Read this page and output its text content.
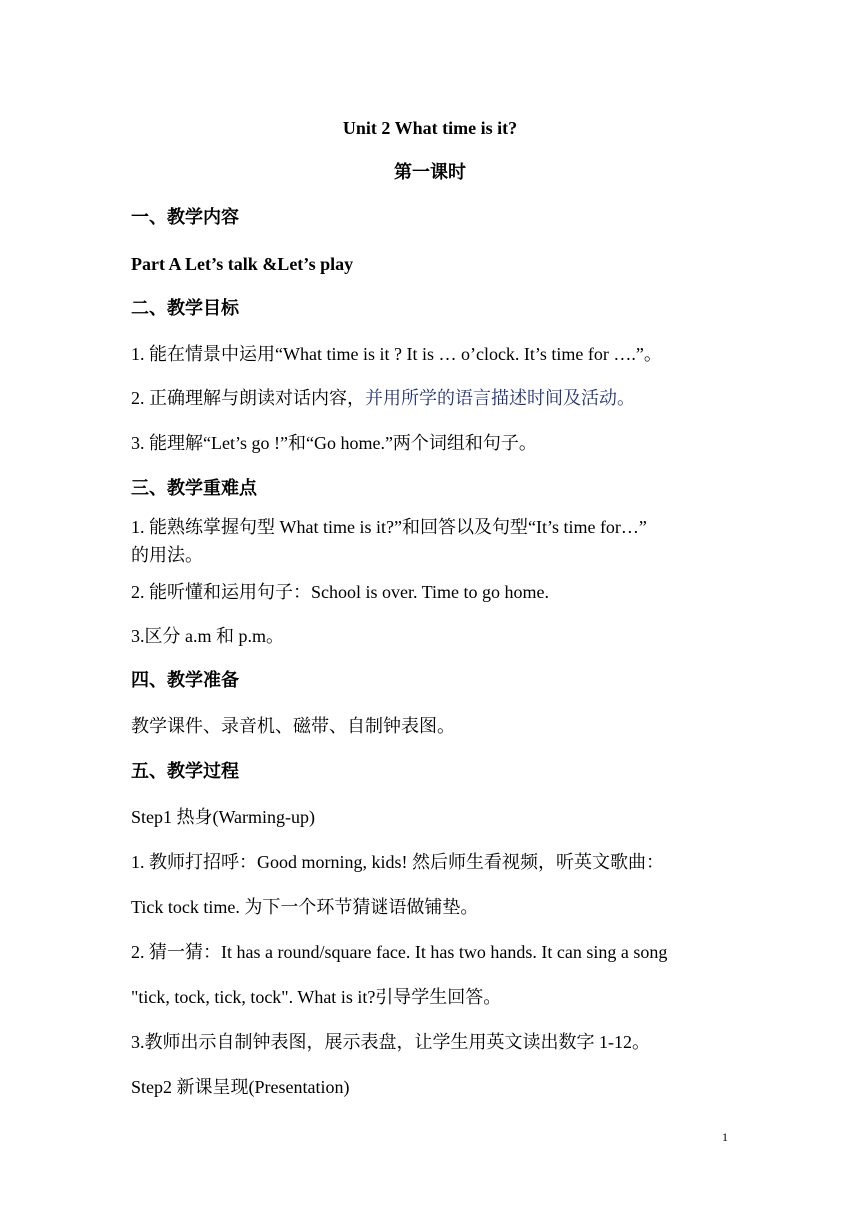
Unit 2 What time is it?
第一课时
一、教学内容
Part A Let’s talk &Let’s play
二、教学目标
1. 能在情景中运用“What time is it ? It is … o’clock. It’s time for ….”。
2. 正确理解与朗读对话内容，并用所学的语言描述时间及活动。
3. 能理解“Let’s go !”和“Go home.”两个词组和句子。
三、教学重难点
1. 能熟练掌握句型 What time is it?”和回答以及句型“It’s time for…”
的用法。
2. 能听懂和运用句子：School is over. Time to go home.
3.区分 a.m 和 p.m。
四、教学准备
教学课件、录音机、磁带、自制钟表图。
五、教学过程
Step1 热身(Warming-up)
1. 教师打招呼：Good morning, kids! 然后师生看视频，听英文歌曲：
Tick tock time. 为下一个环节猜谜语做铺垫。
2. 猜一猜：It has a round/square face. It has two hands. It can sing a song
"tick, tock, tick, tock". What is it?引导学生回答。
3.教师出示自制钟表图，展示表盘，让学生用英文读出数字 1-12。
Step2 新课呈现(Presentation)
1
